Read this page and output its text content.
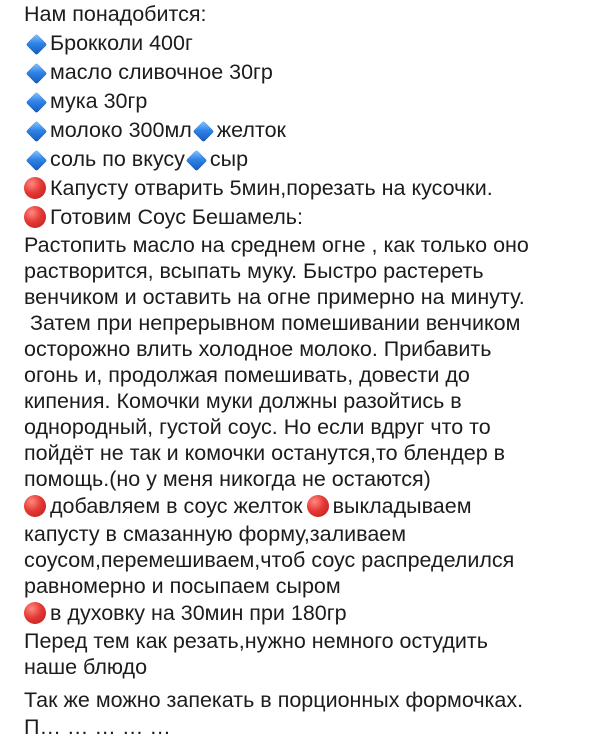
Нам понадобится:
Брокколи 400г
масло сливочное 30гр
мука 30гр
молоко 300мл желток
соль по вкусу сыр
Капусту отварить 5мин,порезать на кусочки.
Готовим Соус Бешамель:
Растопить масло на среднем огне , как только оно
растворится, всыпать муку. Быстро растереть
венчиком и оставить на огне примерно на минуту.
Затем при непрерывном помешивании венчиком
осторожно влить холодное молоко. Прибавить
огонь и, продолжая помешивать, довести до
кипения. Комочки муки должны разойтись в
однородный, густой соус. Но если вдруг что то
пойдёт не так и комочки останутся,то блендер в
помощь.(но у меня никогда не остаются)
добавляем в соус желток выкладываем
капусту в смазанную форму,заливаем
соусом,перемешиваем,чтоб соус распределился
равномерно и посыпаем сыром
в духовку на 30мин при 180гр
Перед тем как резать,нужно немного остудить
наше блюдо
Так же можно запекать в порционных формочках.
П… … … … …
